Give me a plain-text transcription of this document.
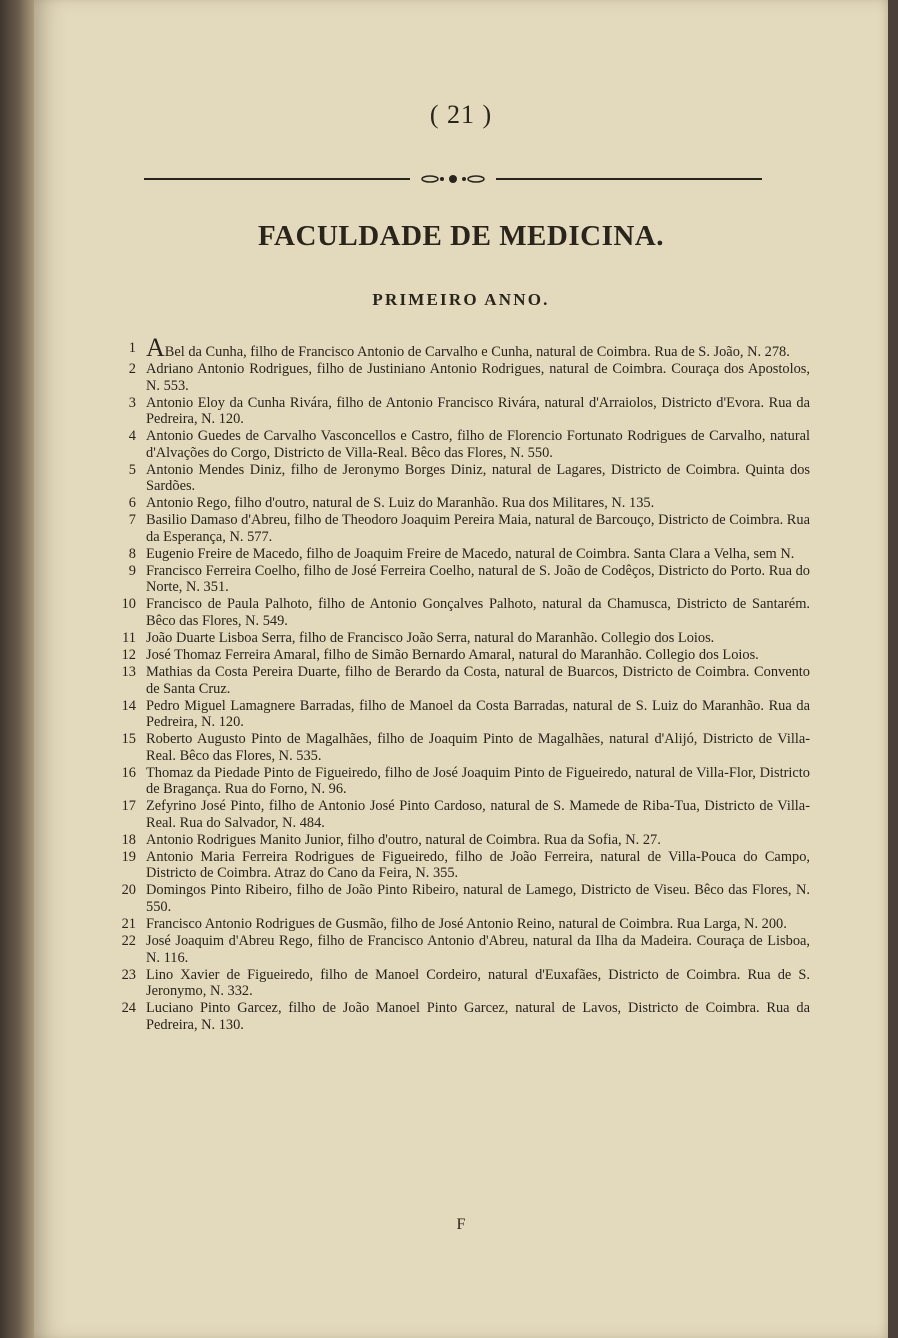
( 21 )
FACULDADE DE MEDICINA.
PRIMEIRO ANNO.
1 ABel da Cunha, filho de Francisco Antonio de Carvalho e Cunha, natural de Coimbra. Rua de S. João, N. 278.
2 Adriano Antonio Rodrigues, filho de Justiniano Antonio Rodrigues, natural de Coimbra. Couraça dos Apostolos, N. 553.
3 Antonio Eloy da Cunha Rivára, filho de Antonio Francisco Rivára, natural d'Arraiolos, Districto d'Evora. Rua da Pedreira, N. 120.
4 Antonio Guedes de Carvalho Vasconcellos e Castro, filho de Florencio Fortunato Rodrigues de Carvalho, natural d'Alvações do Corgo, Districto de Villa-Real. Bêco das Flores, N. 550.
5 Antonio Mendes Diniz, filho de Jeronymo Borges Diniz, natural de Lagares, Districto de Coimbra. Quinta dos Sardões.
6 Antonio Rego, filho d'outro, natural de S. Luiz do Maranhão. Rua dos Militares, N. 135.
7 Basilio Damaso d'Abreu, filho de Theodoro Joaquim Pereira Maia, natural de Barcouço, Districto de Coimbra. Rua da Esperança, N. 577.
8 Eugenio Freire de Macedo, filho de Joaquim Freire de Macedo, natural de Coimbra. Santa Clara a Velha, sem N.
9 Francisco Ferreira Coelho, filho de José Ferreira Coelho, natural de S. João de Codêços, Districto do Porto. Rua do Norte, N. 351.
10 Francisco de Paula Palhoto, filho de Antonio Gonçalves Palhoto, natural da Chamusca, Districto de Santarém. Bêco das Flores, N. 549.
11 João Duarte Lisboa Serra, filho de Francisco João Serra, natural do Maranhão. Collegio dos Loios.
12 José Thomaz Ferreira Amaral, filho de Simão Bernardo Amaral, natural do Maranhão. Collegio dos Loios.
13 Mathias da Costa Pereira Duarte, filho de Berardo da Costa, natural de Buarcos, Districto de Coimbra. Convento de Santa Cruz.
14 Pedro Miguel Lamagnere Barradas, filho de Manoel da Costa Barradas, natural de S. Luiz do Maranhão. Rua da Pedreira, N. 120.
15 Roberto Augusto Pinto de Magalhães, filho de Joaquim Pinto de Magalhães, natural d'Alijó, Districto de Villa-Real. Bêco das Flores, N. 535.
16 Thomaz da Piedade Pinto de Figueiredo, filho de José Joaquim Pinto de Figueiredo, natural de Villa-Flor, Districto de Bragança. Rua do Forno, N. 96.
17 Zefyrino José Pinto, filho de Antonio José Pinto Cardoso, natural de S. Mamede de Riba-Tua, Districto de Villa-Real. Rua do Salvador, N. 484.
18 Antonio Rodrigues Manito Junior, filho d'outro, natural de Coimbra. Rua da Sofia, N. 27.
19 Antonio Maria Ferreira Rodrigues de Figueiredo, filho de João Ferreira, natural de Villa-Pouca do Campo, Districto de Coimbra. Atraz do Cano da Feira, N. 355.
20 Domingos Pinto Ribeiro, filho de João Pinto Ribeiro, natural de Lamego, Districto de Viseu. Bêco das Flores, N. 550.
21 Francisco Antonio Rodrigues de Gusmão, filho de José Antonio Reino, natural de Coimbra. Rua Larga, N. 200.
22 José Joaquim d'Abreu Rego, filho de Francisco Antonio d'Abreu, natural da Ilha da Madeira. Couraça de Lisboa, N. 116.
23 Lino Xavier de Figueiredo, filho de Manoel Cordeiro, natural d'Euxafães, Districto de Coimbra. Rua de S. Jeronymo, N. 332.
24 Luciano Pinto Garcez, filho de João Manoel Pinto Garcez, natural de Lavos, Districto de Coimbra. Rua da Pedreira, N. 130.
F
